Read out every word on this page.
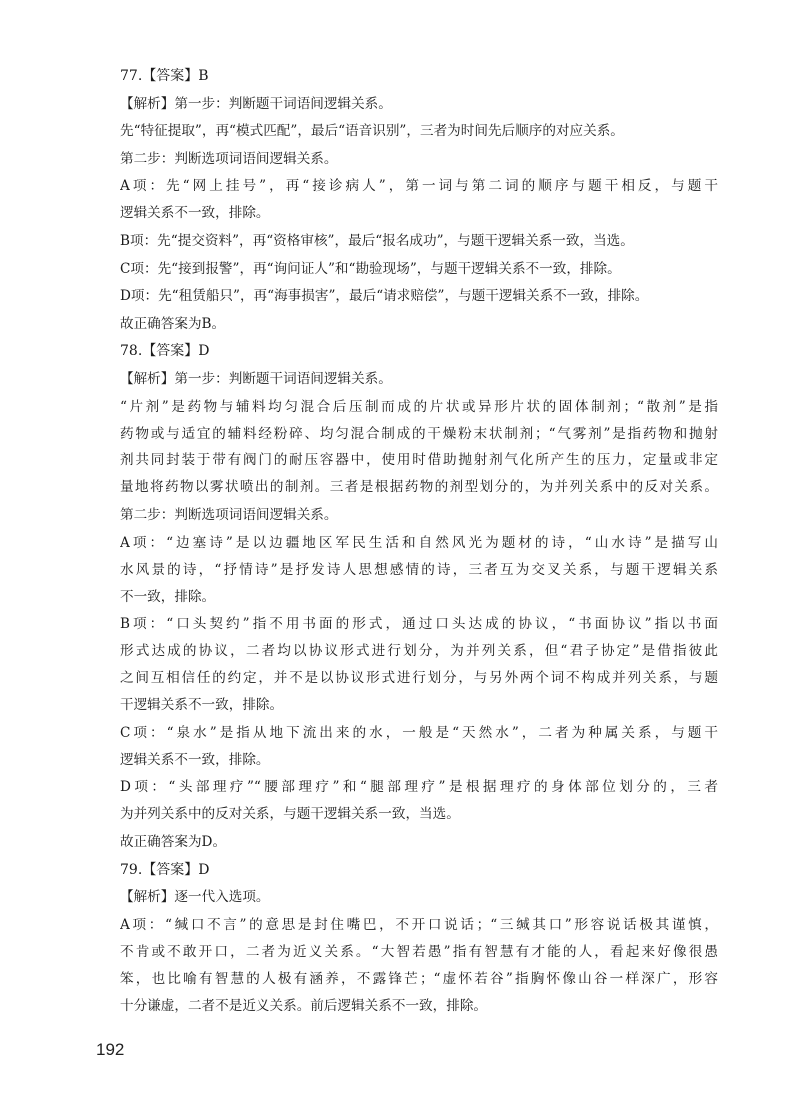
77.【答案】B
【解析】第一步：判断题干词语间逻辑关系。
先“特征提取”，再“模式匹配”，最后“语音识别”，三者为时间先后顺序的对应关系。
第二步：判断选项词语间逻辑关系。
A项：先“网上挂号”，再“接诊病人”，第一词与第二词的顺序与题干相反，与题干
逻辑关系不一致，排除。
B项：先“提交资料”，再“资格审核”，最后“报名成功”，与题干逻辑关系一致，当选。
C项：先“接到报警”，再“询问证人”和“勘验现场”，与题干逻辑关系不一致，排除。
D项：先“租赁船只”，再“海事损害”，最后“请求赔偿”，与题干逻辑关系不一致，排除。
故正确答案为B。
78.【答案】D
【解析】第一步：判断题干词语间逻辑关系。
“片剂”是药物与辅料均匀混合后压制而成的片状或异形片状的固体制剂；“散剂”是指
药物或与适宜的辅料经粉碎、均匀混合制成的干燥粉末状制剂；“气雾剂”是指药物和抛射
剂共同封装于带有阀门的耐压容器中，使用时借助抛射剂气化所产生的压力，定量或非定
量地将药物以雾状喷出的制剂。三者是根据药物的剂型划分的，为并列关系中的反对关系。
第二步：判断选项词语间逻辑关系。
A项：“边塞诗”是以边疆地区军民生活和自然风光为题材的诗，“山水诗”是描写山
水风景的诗，“抒情诗”是抒发诗人思想感情的诗，三者互为交叉关系，与题干逻辑关系
不一致，排除。
B项：“口头契约”指不用书面的形式，通过口头达成的协议，“书面协议”指以书面
形式达成的协议，二者均以协议形式进行划分，为并列关系，但“君子协定”是借指彼此
之间互相信任的约定，并不是以协议形式进行划分，与另外两个词不构成并列关系，与题
干逻辑关系不一致，排除。
C项：“泉水”是指从地下流出来的水，一般是“天然水”，二者为种属关系，与题干
逻辑关系不一致，排除。
D项：“头部理疗”“腰部理疗”和“腿部理疗”是根据理疗的身体部位划分的，三者
为并列关系中的反对关系，与题干逻辑关系一致，当选。
故正确答案为D。
79.【答案】D
【解析】逐一代入选项。
A项：“缄口不言”的意思是封住嘴巴，不开口说话；“三缄其口”形容说话极其谨慎，
不肯或不敢开口，二者为近义关系。“大智若愚”指有智慧有才能的人，看起来好像很愚
笨，也比喻有智慧的人极有涵养，不露锋芒；“虚怀若谷”指胸怀像山谷一样深广，形容
十分谦虚，二者不是近义关系。前后逻辑关系不一致，排除。
192
